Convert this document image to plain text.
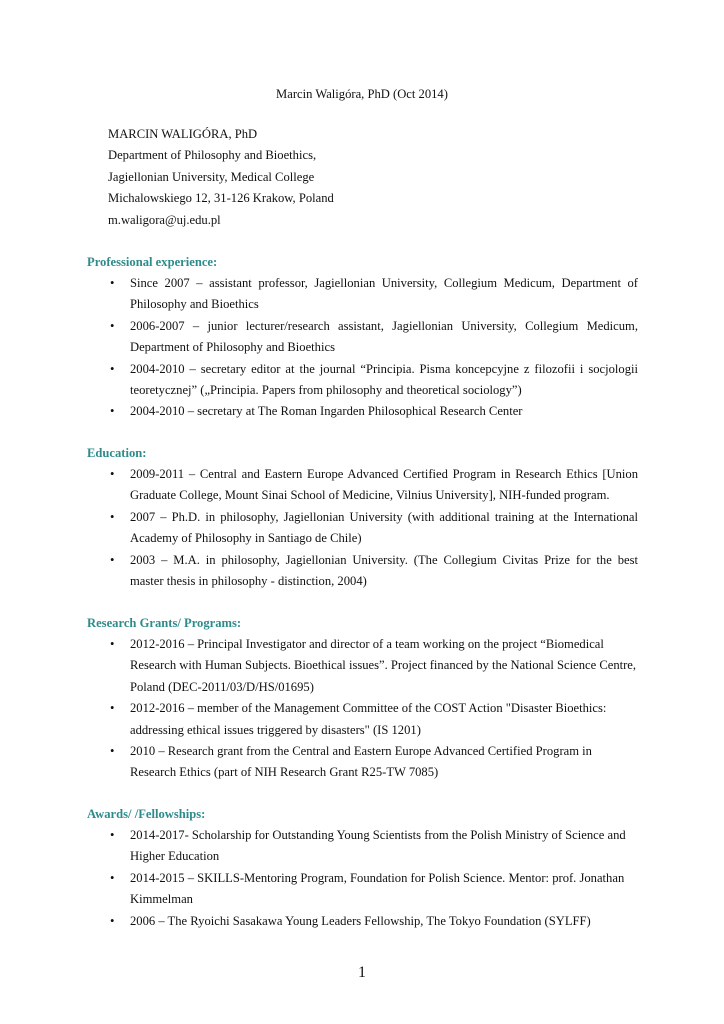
Marcin Waligóra, PhD (Oct 2014)
MARCIN WALIGÓRA, PhD
Department of Philosophy and Bioethics,
Jagiellonian University, Medical College
Michalowskiego 12, 31-126 Krakow, Poland
m.waligora@uj.edu.pl
Professional experience:
• Since 2007 – assistant professor, Jagiellonian University, Collegium Medicum, Department of Philosophy and Bioethics
• 2006-2007 – junior lecturer/research assistant, Jagiellonian University, Collegium Medicum, Department of Philosophy and Bioethics
• 2004-2010 – secretary editor at the journal “Principia. Pisma koncepcyjne z filozofii i socjologii teoretycznej” („Principia. Papers from philosophy and theoretical sociology”)
• 2004-2010 – secretary at The Roman Ingarden Philosophical Research Center
Education:
• 2009-2011 – Central and Eastern Europe Advanced Certified Program in Research Ethics [Union Graduate College, Mount Sinai School of Medicine, Vilnius University], NIH-funded program.
• 2007 – Ph.D. in philosophy, Jagiellonian University (with additional training at the International Academy of Philosophy in Santiago de Chile)
• 2003 – M.A. in philosophy, Jagiellonian University. (The Collegium Civitas Prize for the best master thesis in philosophy - distinction, 2004)
Research Grants/ Programs:
• 2012-2016 – Principal Investigator and director of a team working on the project “Biomedical Research with Human Subjects. Bioethical issues”. Project financed by the National Science Centre, Poland (DEC-2011/03/D/HS/01695)
• 2012-2016 – member of the Management Committee of the COST Action "Disaster Bioethics: addressing ethical issues triggered by disasters" (IS 1201)
• 2010 – Research grant from the Central and Eastern Europe Advanced Certified Program in Research Ethics (part of NIH Research Grant R25-TW 7085)
Awards/ /Fellowships:
• 2014-2017- Scholarship for Outstanding Young Scientists from the Polish Ministry of Science and Higher Education
• 2014-2015 – SKILLS-Mentoring Program, Foundation for Polish Science. Mentor: prof. Jonathan Kimmelman
• 2006 – The Ryoichi Sasakawa Young Leaders Fellowship, The Tokyo Foundation (SYLFF)
1
